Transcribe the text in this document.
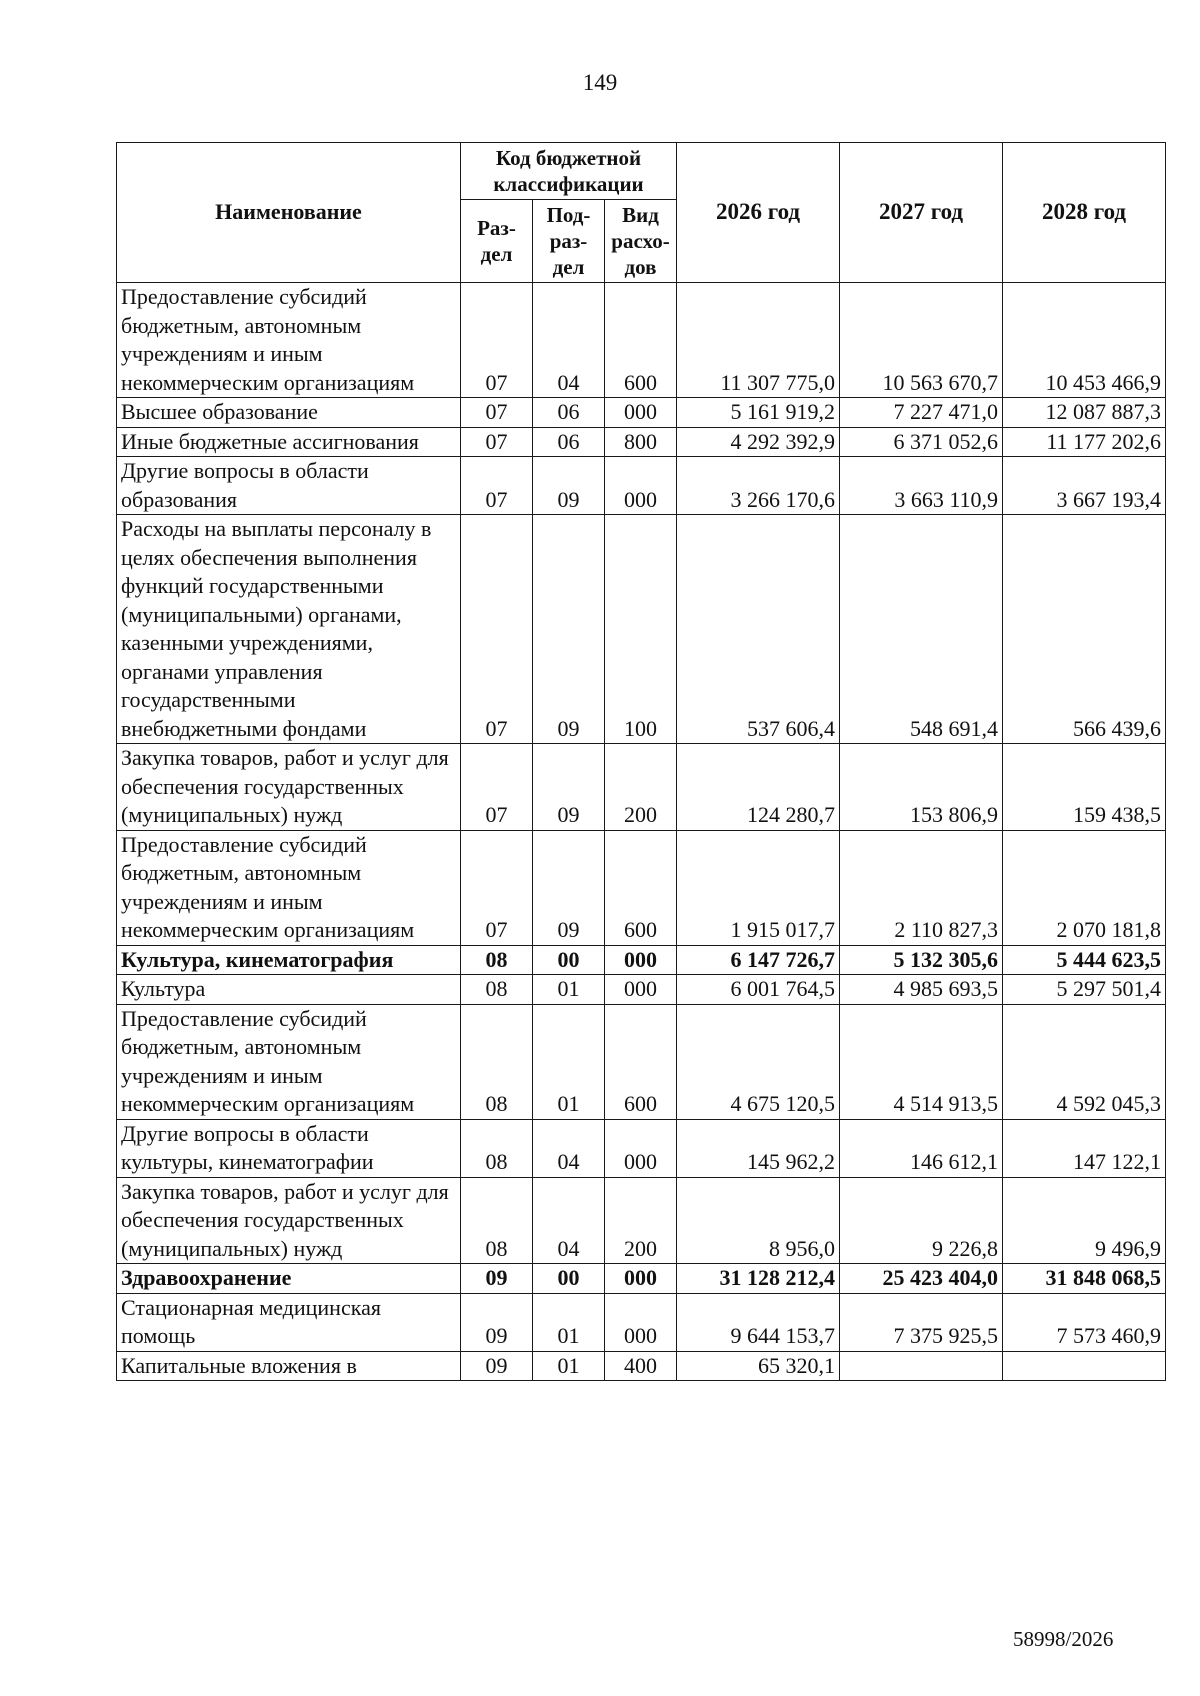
149
Наименование	Код бюджетной классификации			2026 год	2027 год	2028 год
	Раз-дел	Под-раз-дел	Вид расхо-дов			
Предоставление субсидий бюджетным, автономным учреждениям и иным некоммерческим организациям	07	04	600	11 307 775,0	10 563 670,7	10 453 466,9
Высшее образование	07	06	000	5 161 919,2	7 227 471,0	12 087 887,3
Иные бюджетные ассигнования	07	06	800	4 292 392,9	6 371 052,6	11 177 202,6
Другие вопросы в области образования	07	09	000	3 266 170,6	3 663 110,9	3 667 193,4
Расходы на выплаты персоналу в целях обеспечения выполнения функций государственными (муниципальными) органами, казенными учреждениями, органами управления государственными внебюджетными фондами	07	09	100	537 606,4	548 691,4	566 439,6
Закупка товаров, работ и услуг для обеспечения государственных (муниципальных) нужд	07	09	200	124 280,7	153 806,9	159 438,5
Предоставление субсидий бюджетным, автономным учреждениям и иным некоммерческим организациям	07	09	600	1 915 017,7	2 110 827,3	2 070 181,8
Культура, кинематография	08	00	000	6 147 726,7	5 132 305,6	5 444 623,5
Культура	08	01	000	6 001 764,5	4 985 693,5	5 297 501,4
Предоставление субсидий бюджетным, автономным учреждениям и иным некоммерческим организациям	08	01	600	4 675 120,5	4 514 913,5	4 592 045,3
Другие вопросы в области культуры, кинематографии	08	04	000	145 962,2	146 612,1	147 122,1
Закупка товаров, работ и услуг для обеспечения государственных (муниципальных) нужд	08	04	200	8 956,0	9 226,8	9 496,9
Здравоохранение	09	00	000	31 128 212,4	25 423 404,0	31 848 068,5
Стационарная медицинская помощь	09	01	000	9 644 153,7	7 375 925,5	7 573 460,9
Капитальные вложения в	09	01	400	65 320,1		
58998/2026
